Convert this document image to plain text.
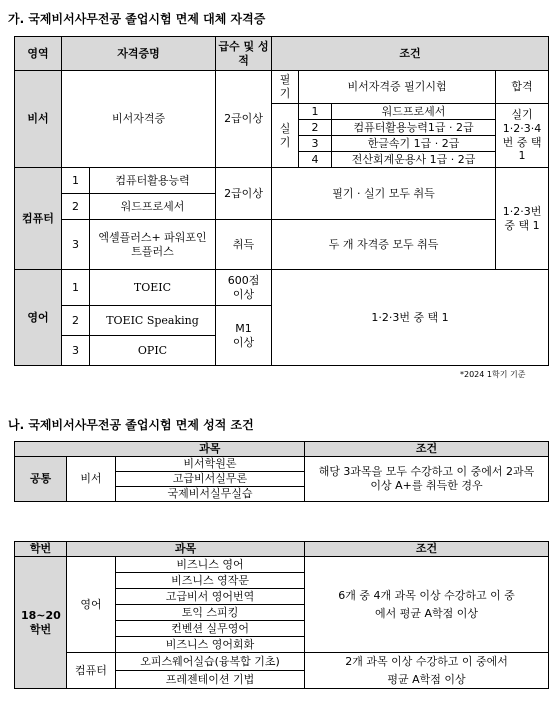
가. 국제비서사무전공 졸업시험 면제 대체 자격증
영역	자격증명		급수 및 성적	조건			
비서	비서자격증		2급이상	필기	비서자격증 필기시험		합격
				실기	1	워드프로세서	실기 1·2·3·4번 중 택 1
					2	컴퓨터활용능력1급 · 2급	
					3	한글속기 1급 · 2급	
					4	전산회계운용사 1급 · 2급	
컴퓨터	1	컴퓨터활용능력	2급이상	필기 · 실기 모두 취득			1·2·3번 중 택 1
	2	워드프로세서					
	3	엑셀플러스+ 파워포인트플러스	취득	두 개 자격증 모두 취득			
영어	1	TOEIC	600점 이상	1·2·3번 중 택 1			
	2	TOEIC Speaking	M1 이상				
	3	OPIC					
*2024 1학기 기준
나. 국제비서사무전공 졸업시험 면제 성적 조건
		과목	조건
공통	비서	비서학원론	해당 3과목을 모두 수강하고 이 중에서 2과목 이상 A+를 취득한 경우
		고급비서실무론	
		국제비서실무실습	
학번	과목		조건
18~20 학번	영어	비즈니스 영어	6개 중 4개 과목 이상 수강하고 이 중에서 평균 A학점 이상
		비즈니스 영작문	
		고급비서 영어번역	
		토익 스피킹	
		컨벤션 실무영어	
		비즈니스 영어회화	
	컴퓨터	오피스웨어실습(융복합 기초)	2개 과목 이상 수강하고 이 중에서 평균 A학점 이상
		프레젠테이션 기법	
